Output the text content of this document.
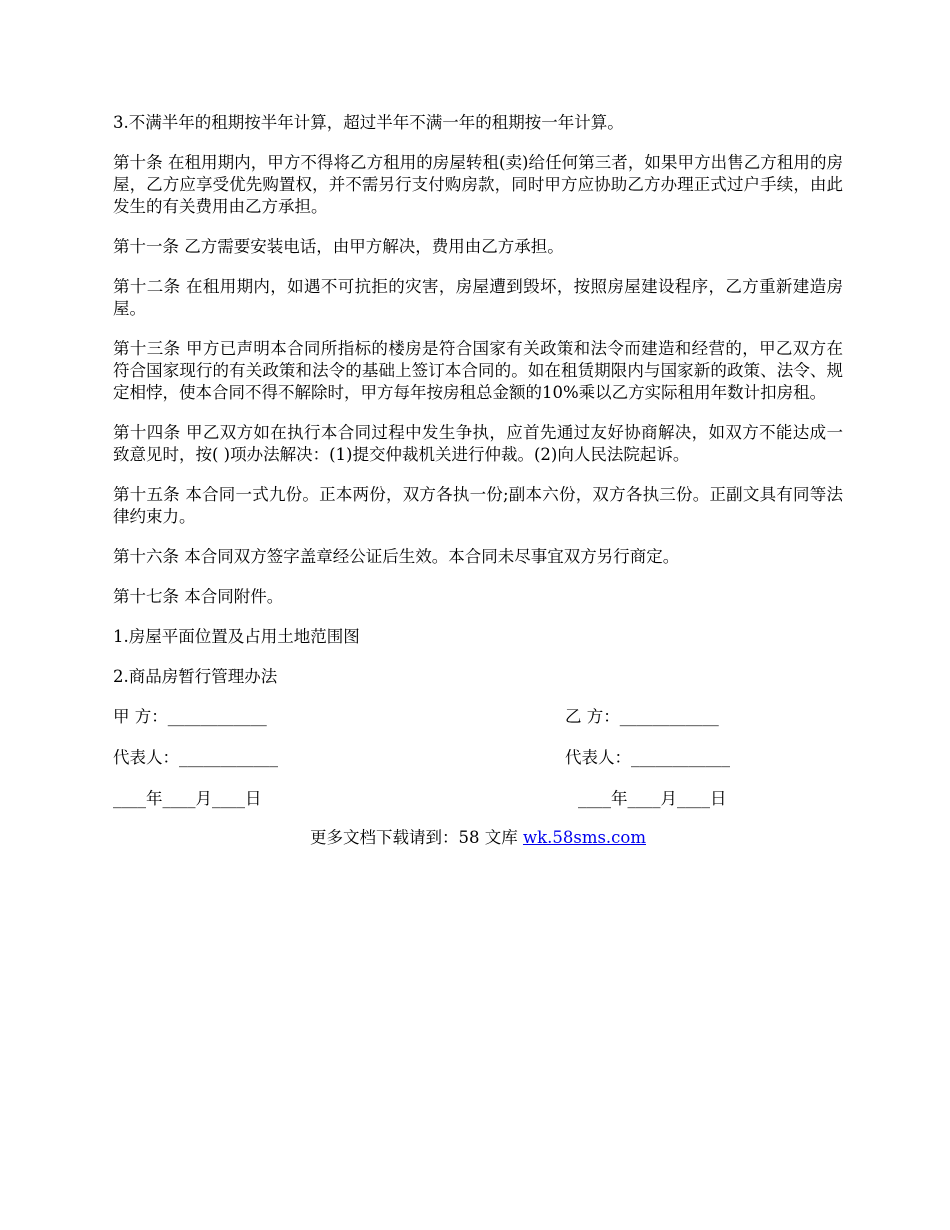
3.不满半年的租期按半年计算，超过半年不满一年的租期按一年计算。

第十条 在租用期内，甲方不得将乙方租用的房屋转租(卖)给任何第三者，如果甲方出售乙方租用的房屋，乙方应享受优先购置权，并不需另行支付购房款，同时甲方应协助乙方办理正式过户手续，由此发生的有关费用由乙方承担。

第十一条 乙方需要安装电话，由甲方解决，费用由乙方承担。

第十二条 在租用期内，如遇不可抗拒的灾害，房屋遭到毁坏，按照房屋建设程序，乙方重新建造房屋。

第十三条 甲方已声明本合同所指标的楼房是符合国家有关政策和法令而建造和经营的，甲乙双方在符合国家现行的有关政策和法令的基础上签订本合同的。如在租赁期限内与国家新的政策、法令、规定相悖，使本合同不得不解除时，甲方每年按房租总金额的10%乘以乙方实际租用年数计扣房租。

第十四条 甲乙双方如在执行本合同过程中发生争执，应首先通过友好协商解决，如双方不能达成一致意见时，按( )项办法解决：(1)提交仲裁机关进行仲裁。(2)向人民法院起诉。

第十五条 本合同一式九份。正本两份，双方各执一份;副本六份，双方各执三份。正副文具有同等法律约束力。

第十六条 本合同双方签字盖章经公证后生效。本合同未尽事宜双方另行商定。

第十七条 本合同附件。

1.房屋平面位置及占用土地范围图

2.商品房暂行管理办法

甲 方：____________	乙 方：____________
代表人：____________	代表人：____________
____年____月____日	____年____月____日
更多文档下载请到：58 文库 wk.58sms.com
